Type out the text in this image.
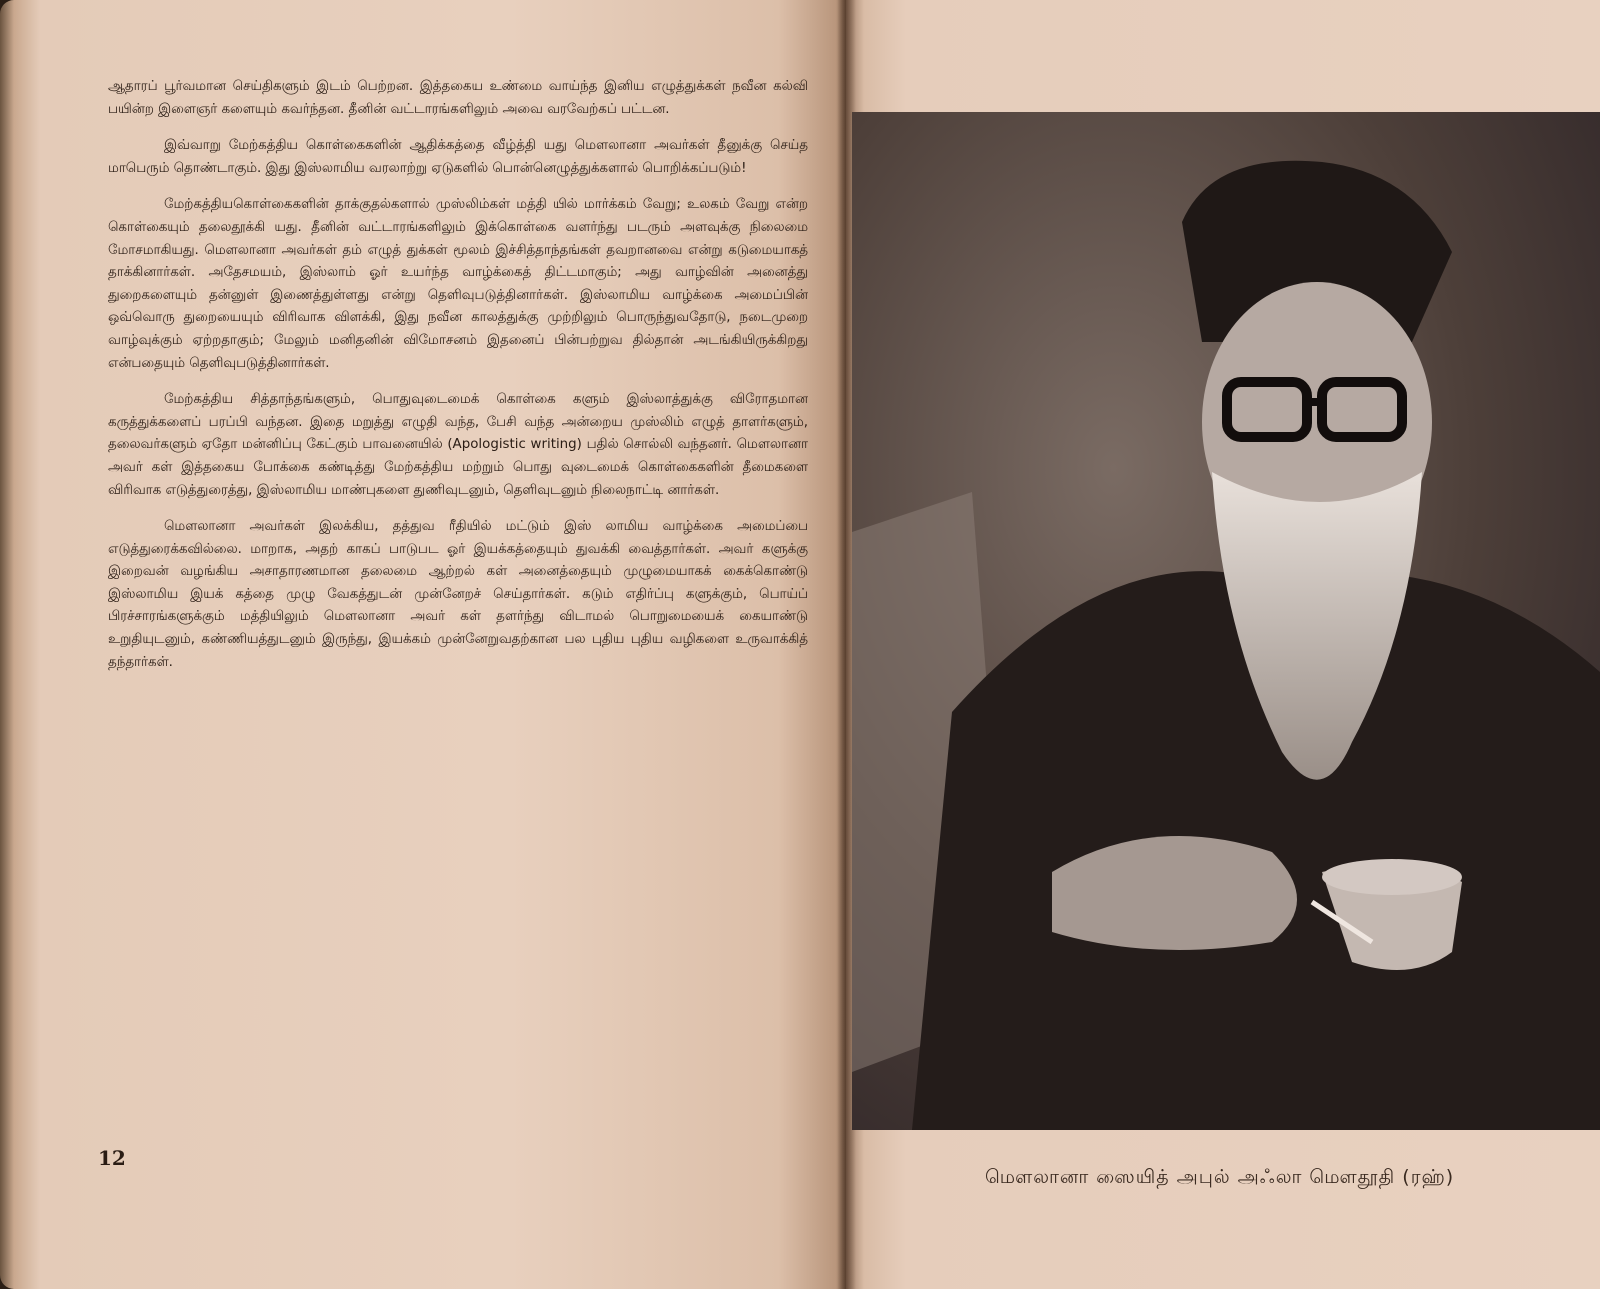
ஆதாரப் பூர்வமான செய்திகளும் இடம் பெற்றன. இத்தகைய உண்மை வாய்ந்த இனிய எழுத்துக்கள் நவீன கல்வி பயின்ற இளைஞர் களையும் கவர்ந்தன. தீனின் வட்டாரங்களிலும் அவை வரவேற்கப் பட்டன.

இவ்வாறு மேற்கத்திய கொள்கைகளின் ஆதிக்கத்தை வீழ்த்தி யது மௌலானா அவர்கள் தீனுக்கு செய்த மாபெரும் தொண்டாகும். இது இஸ்லாமிய வரலாற்று ஏடுகளில் பொன்னெழுத்துக்களால் பொறிக்கப்படும்!

மேற்கத்தியகொள்கைகளின் தாக்குதல்களால் முஸ்லிம்கள் மத்தி யில் மார்க்கம் வேறு; உலகம் வேறு என்ற கொள்கையும் தலைதூக்கி யது. தீனின் வட்டாரங்களிலும் இக்கொள்கை வளர்ந்து படரும் அளவுக்கு நிலைமை மோசமாகியது. மௌலானா அவர்கள் தம் எழுத் துக்கள் மூலம் இச்சித்தாந்தங்கள் தவறானவை என்று கடுமையாகத் தாக்கினார்கள். அதேசமயம், இஸ்லாம் ஓர் உயர்ந்த வாழ்க்கைத் திட்டமாகும்; அது வாழ்வின் அனைத்து துறைகளையும் தன்னுள் இணைத்துள்ளது என்று தெளிவுபடுத்தினார்கள். இஸ்லாமிய வாழ்க்கை அமைப்பின் ஒவ்வொரு துறையையும் விரிவாக விளக்கி, இது நவீன காலத்துக்கு முற்றிலும் பொருந்துவதோடு, நடைமுறை வாழ்வுக்கும் ஏற்றதாகும்; மேலும் மனிதனின் விமோசனம் இதனைப் பின்பற்றுவ தில்தான் அடங்கியிருக்கிறது என்பதையும் தெளிவுபடுத்தினார்கள்.

மேற்கத்திய சித்தாந்தங்களும், பொதுவுடைமைக் கொள்கை களும் இஸ்லாத்துக்கு விரோதமான கருத்துக்களைப் பரப்பி வந்தன. இதை மறுத்து எழுதி வந்த, பேசி வந்த அன்றைய முஸ்லிம் எழுத் தாளர்களும், தலைவர்களும் ஏதோ மன்னிப்பு கேட்கும் பாவனையில் (Apologistic writing) பதில் சொல்லி வந்தனர். மௌலானா அவர் கள் இத்தகைய போக்கை கண்டித்து மேற்கத்திய மற்றும் பொது வுடைமைக் கொள்கைகளின் தீமைகளை விரிவாக எடுத்துரைத்து, இஸ்லாமிய மாண்புகளை துணிவுடனும், தெளிவுடனும் நிலைநாட்டி னார்கள்.

மௌலானா அவர்கள் இலக்கிய, தத்துவ ரீதியில் மட்டும் இஸ் லாமிய வாழ்க்கை அமைப்பை எடுத்துரைக்கவில்லை. மாறாக, அதற் காகப் பாடுபட ஓர் இயக்கத்தையும் துவக்கி வைத்தார்கள். அவர் களுக்கு இறைவன் வழங்கிய அசாதாரணமான தலைமை ஆற்றல் கள் அனைத்தையும் முழுமையாகக் கைக்கொண்டு இஸ்லாமிய இயக் கத்தை முழு வேகத்துடன் முன்னேறச் செய்தார்கள். கடும் எதிர்ப்பு களுக்கும், பொய்ப் பிரச்சாரங்களுக்கும் மத்தியிலும் மௌலானா அவர் கள் தளர்ந்து விடாமல் பொறுமையைக் கையாண்டு உறுதியுடனும், கண்ணியத்துடனும் இருந்து, இயக்கம் முன்னேறுவதற்கான பல புதிய புதிய வழிகளை உருவாக்கித் தந்தார்கள்.

12
மௌலானா ஸையித் அபுல் அஃலா மௌதூதி (ரஹ்)
